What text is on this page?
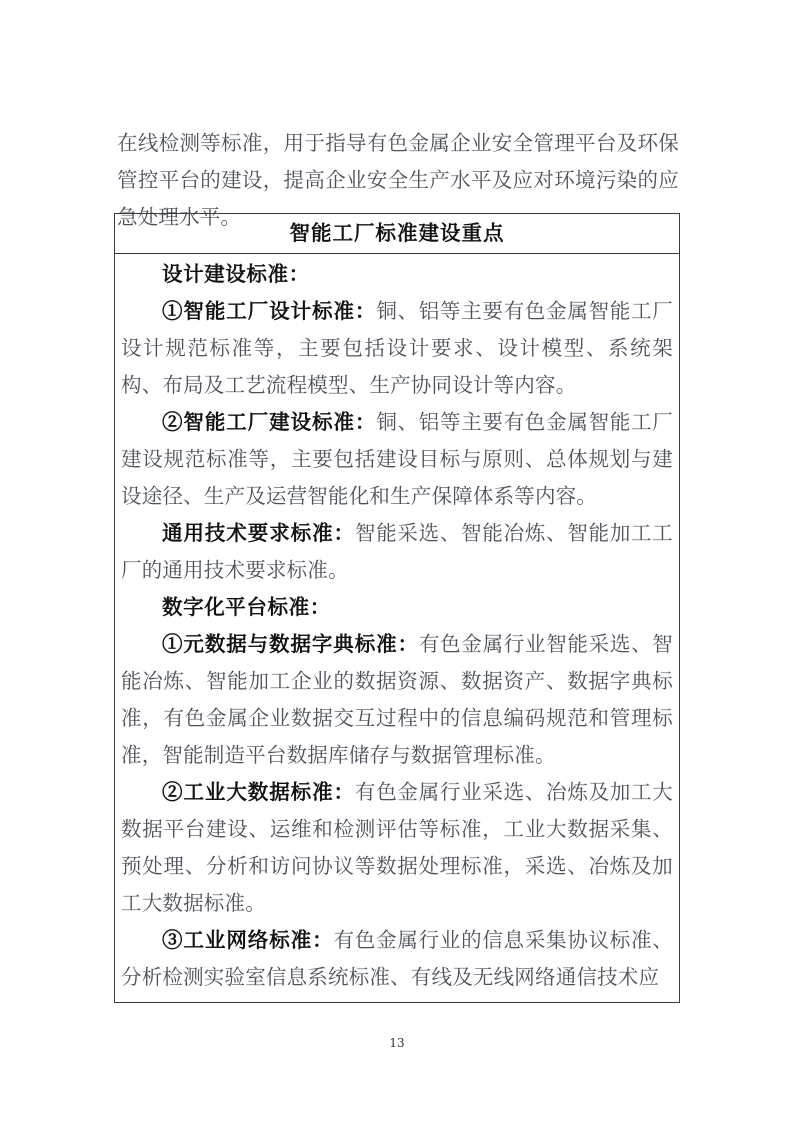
在线检测等标准，用于指导有色金属企业安全管理平台及环保管控平台的建设，提高企业安全生产水平及应对环境污染的应急处理水平。

智能工厂标准建设重点

设计建设标准：

①智能工厂设计标准：铜、铝等主要有色金属智能工厂设计规范标准等，主要包括设计要求、设计模型、系统架构、布局及工艺流程模型、生产协同设计等内容。

②智能工厂建设标准：铜、铝等主要有色金属智能工厂建设规范标准等，主要包括建设目标与原则、总体规划与建设途径、生产及运营智能化和生产保障体系等内容。

通用技术要求标准：智能采选、智能冶炼、智能加工工厂的通用技术要求标准。

数字化平台标准：

①元数据与数据字典标准：有色金属行业智能采选、智能冶炼、智能加工企业的数据资源、数据资产、数据字典标准，有色金属企业数据交互过程中的信息编码规范和管理标准，智能制造平台数据库储存与数据管理标准。

②工业大数据标准：有色金属行业采选、冶炼及加工大数据平台建设、运维和检测评估等标准，工业大数据采集、预处理、分析和访问协议等数据处理标准，采选、冶炼及加工大数据标准。

③工业网络标准：有色金属行业的信息采集协议标准、分析检测实验室信息系统标准、有线及无线网络通信技术应

13
